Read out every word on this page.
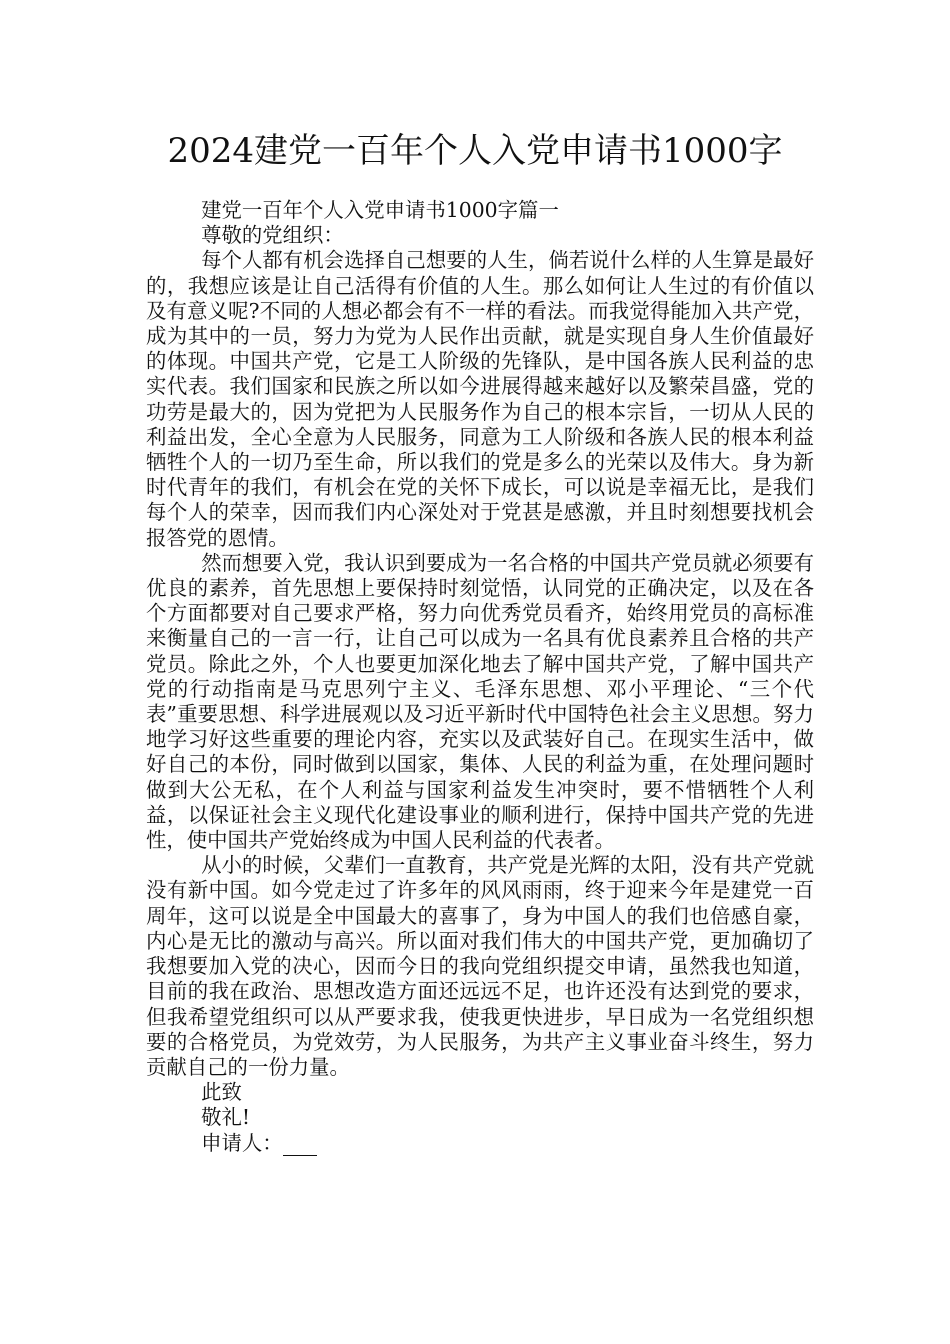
2024建党一百年个人入党申请书1000字

建党一百年个人入党申请书1000字篇一

尊敬的党组织：

每个人都有机会选择自己想要的人生，倘若说什么样的人生算是最好的，我想应该是让自己活得有价值的人生。那么如何让人生过的有价值以及有意义呢?不同的人想必都会有不一样的看法。而我觉得能加入共产党，成为其中的一员，努力为党为人民作出贡献，就是实现自身人生价值最好的体现。中国共产党，它是工人阶级的先锋队，是中国各族人民利益的忠实代表。我们国家和民族之所以如今进展得越来越好以及繁荣昌盛，党的功劳是最大的，因为党把为人民服务作为自己的根本宗旨，一切从人民的利益出发，全心全意为人民服务，同意为工人阶级和各族人民的根本利益牺牲个人的一切乃至生命，所以我们的党是多么的光荣以及伟大。身为新时代青年的我们，有机会在党的关怀下成长，可以说是幸福无比，是我们每个人的荣幸，因而我们内心深处对于党甚是感激，并且时刻想要找机会报答党的恩情。

然而想要入党，我认识到要成为一名合格的中国共产党员就必须要有优良的素养，首先思想上要保持时刻觉悟，认同党的正确决定，以及在各个方面都要对自己要求严格，努力向优秀党员看齐，始终用党员的高标准来衡量自己的一言一行，让自己可以成为一名具有优良素养且合格的共产党员。除此之外，个人也要更加深化地去了解中国共产党，了解中国共产党的行动指南是马克思列宁主义、毛泽东思想、邓小平理论、“三个代表”重要思想、科学进展观以及习近平新时代中国特色社会主义思想。努力地学习好这些重要的理论内容，充实以及武装好自己。在现实生活中，做好自己的本份，同时做到以国家，集体、人民的利益为重，在处理问题时做到大公无私，在个人利益与国家利益发生冲突时，要不惜牺牲个人利益，以保证社会主义现代化建设事业的顺利进行，保持中国共产党的先进性，使中国共产党始终成为中国人民利益的代表者。

从小的时候，父辈们一直教育，共产党是光辉的太阳，没有共产党就没有新中国。如今党走过了许多年的风风雨雨，终于迎来今年是建党一百周年，这可以说是全中国最大的喜事了，身为中国人的我们也倍感自豪，内心是无比的激动与高兴。所以面对我们伟大的中国共产党，更加确切了我想要加入党的决心，因而今日的我向党组织提交申请，虽然我也知道，目前的我在政治、思想改造方面还远远不足，也许还没有达到党的要求，但我希望党组织可以从严要求我，使我更快进步，早日成为一名党组织想要的合格党员，为党效劳，为人民服务，为共产主义事业奋斗终生，努力贡献自己的一份力量。

此致

敬礼!

申请人：
